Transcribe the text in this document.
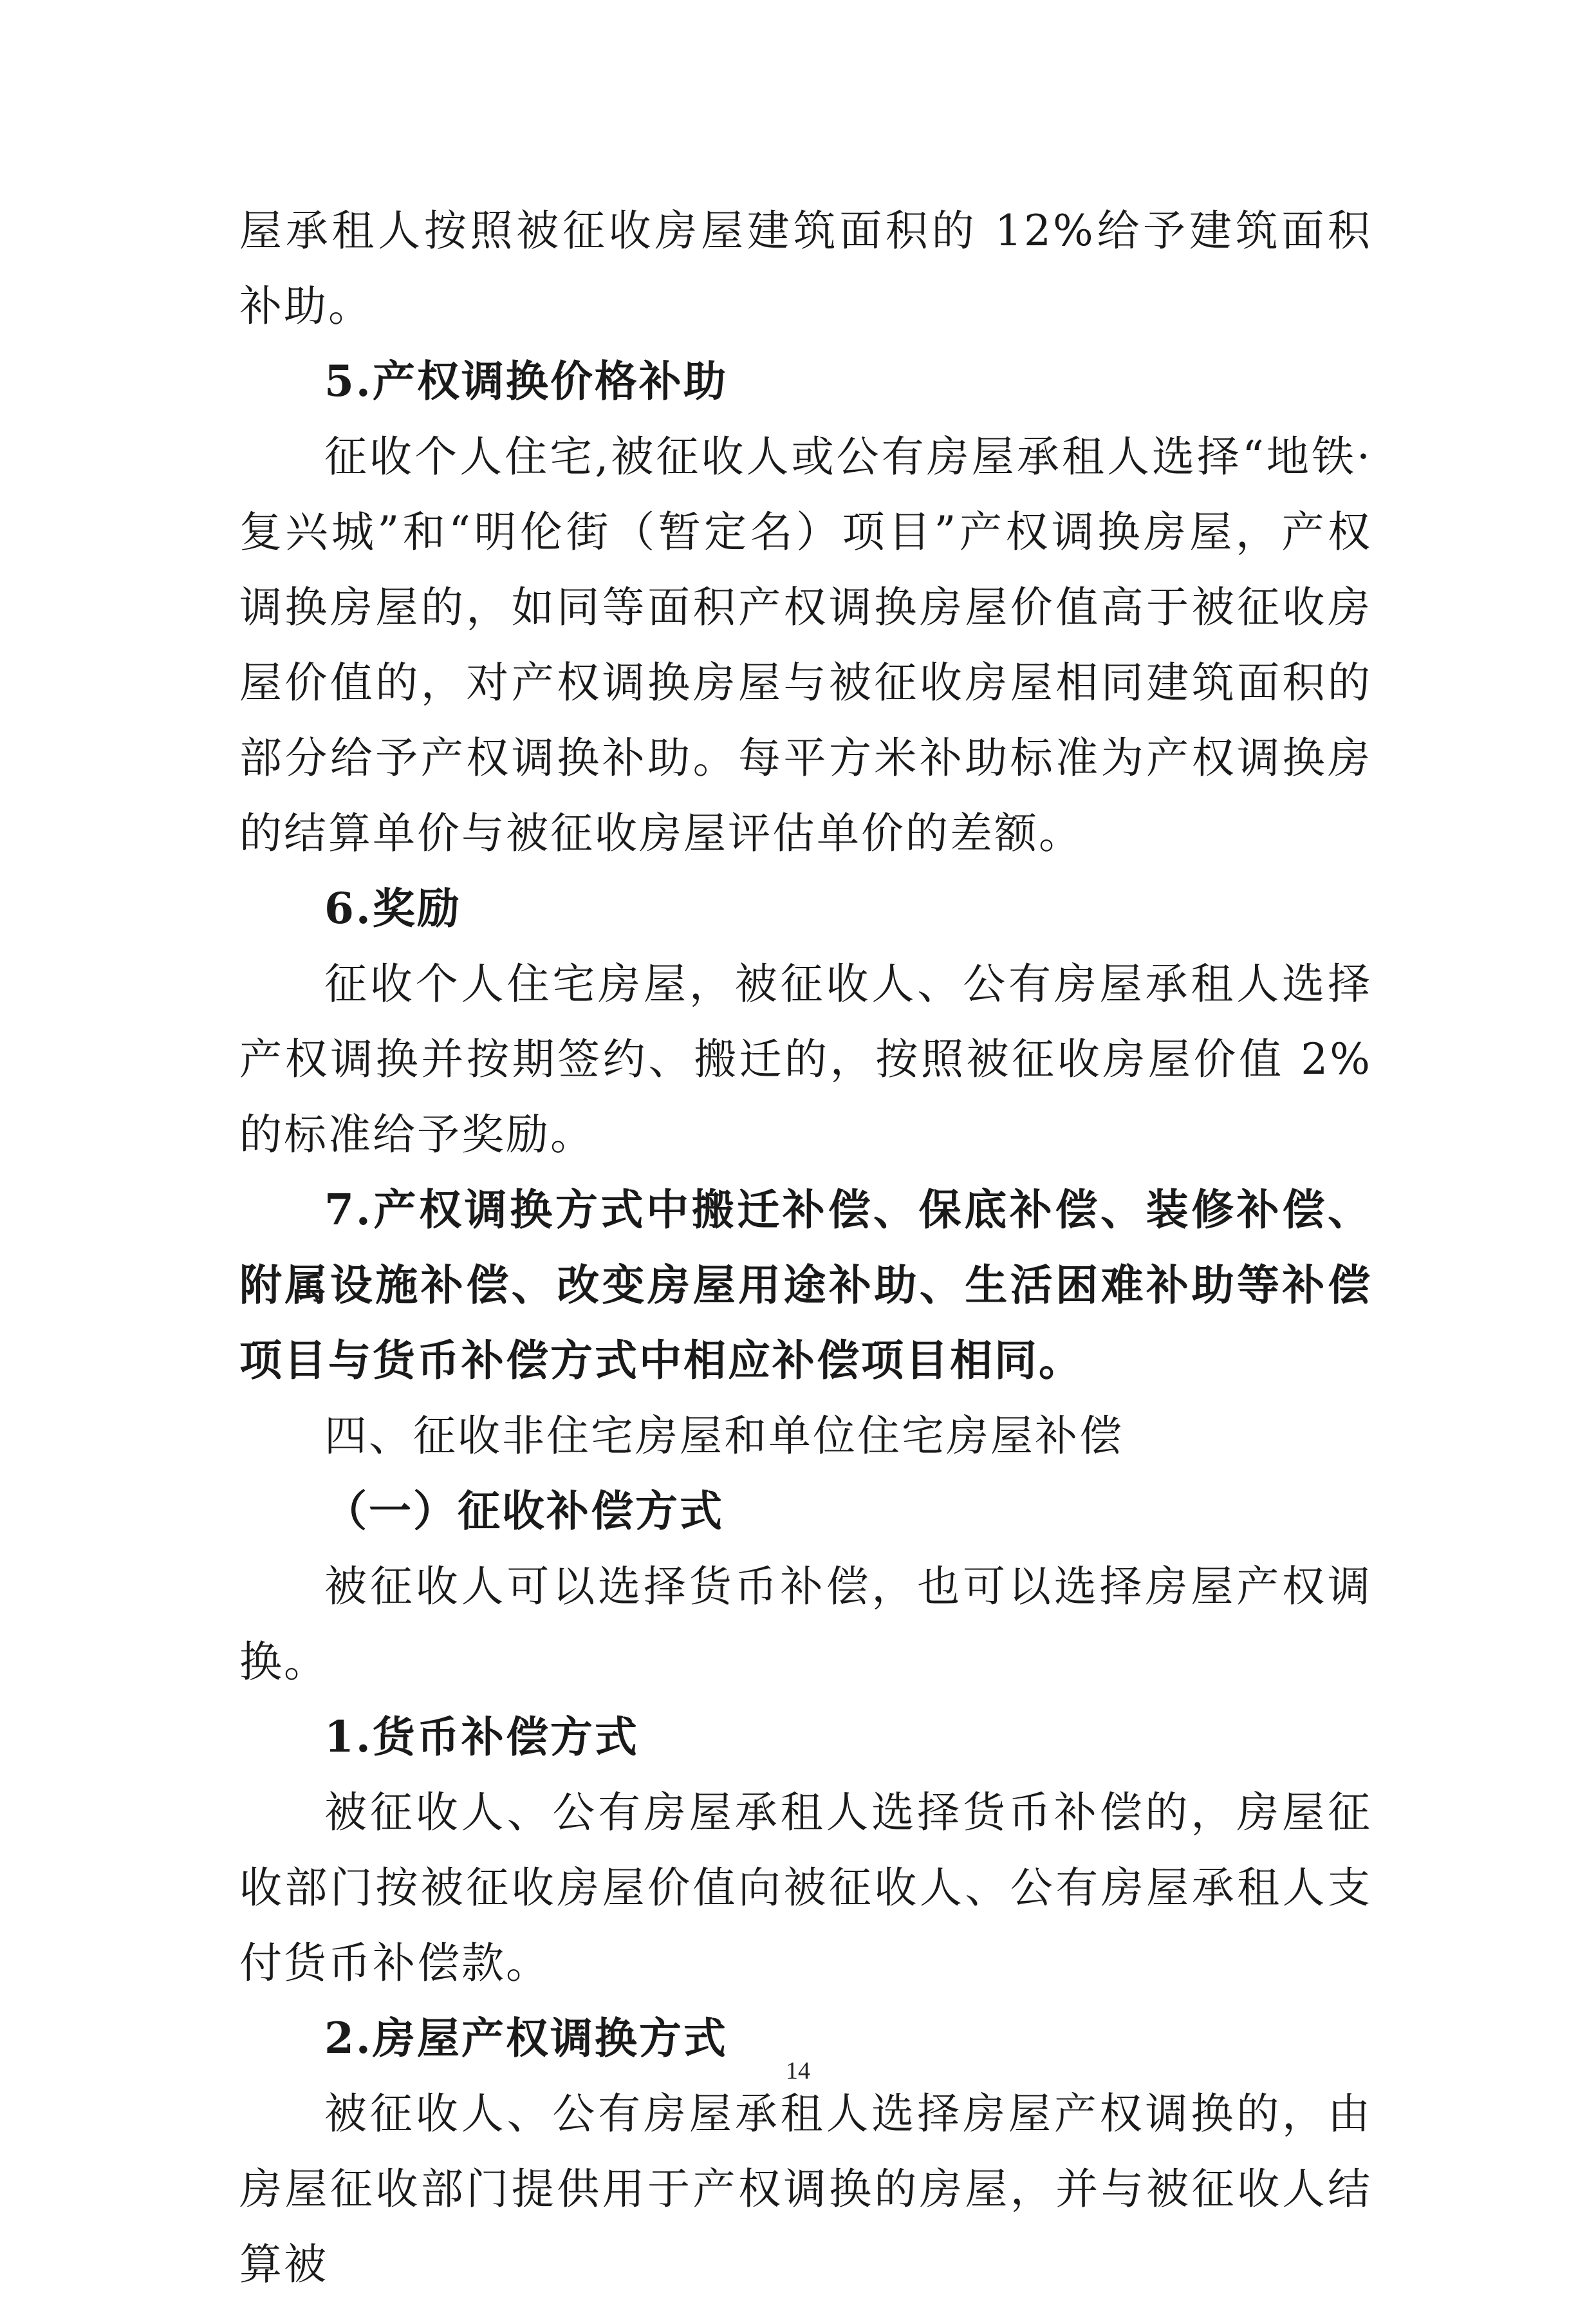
屋承租人按照被征收房屋建筑面积的 12%给予建筑面积补助。

5.产权调换价格补助

征收个人住宅,被征收人或公有房屋承租人选择“地铁·复兴城”和“明伦街（暂定名）项目”产权调换房屋，产权调换房屋的，如同等面积产权调换房屋价值高于被征收房屋价值的，对产权调换房屋与被征收房屋相同建筑面积的部分给予产权调换补助。每平方米补助标准为产权调换房的结算单价与被征收房屋评估单价的差额。

6.奖励

征收个人住宅房屋，被征收人、公有房屋承租人选择产权调换并按期签约、搬迁的，按照被征收房屋价值 2%的标准给予奖励。

7.产权调换方式中搬迁补偿、保底补偿、装修补偿、附属设施补偿、改变房屋用途补助、生活困难补助等补偿项目与货币补偿方式中相应补偿项目相同。

四、征收非住宅房屋和单位住宅房屋补偿

（一）征收补偿方式

被征收人可以选择货币补偿，也可以选择房屋产权调换。

1.货币补偿方式

被征收人、公有房屋承租人选择货币补偿的，房屋征收部门按被征收房屋价值向被征收人、公有房屋承租人支付货币补偿款。

2.房屋产权调换方式

被征收人、公有房屋承租人选择房屋产权调换的，由房屋征收部门提供用于产权调换的房屋，并与被征收人结算被

14
